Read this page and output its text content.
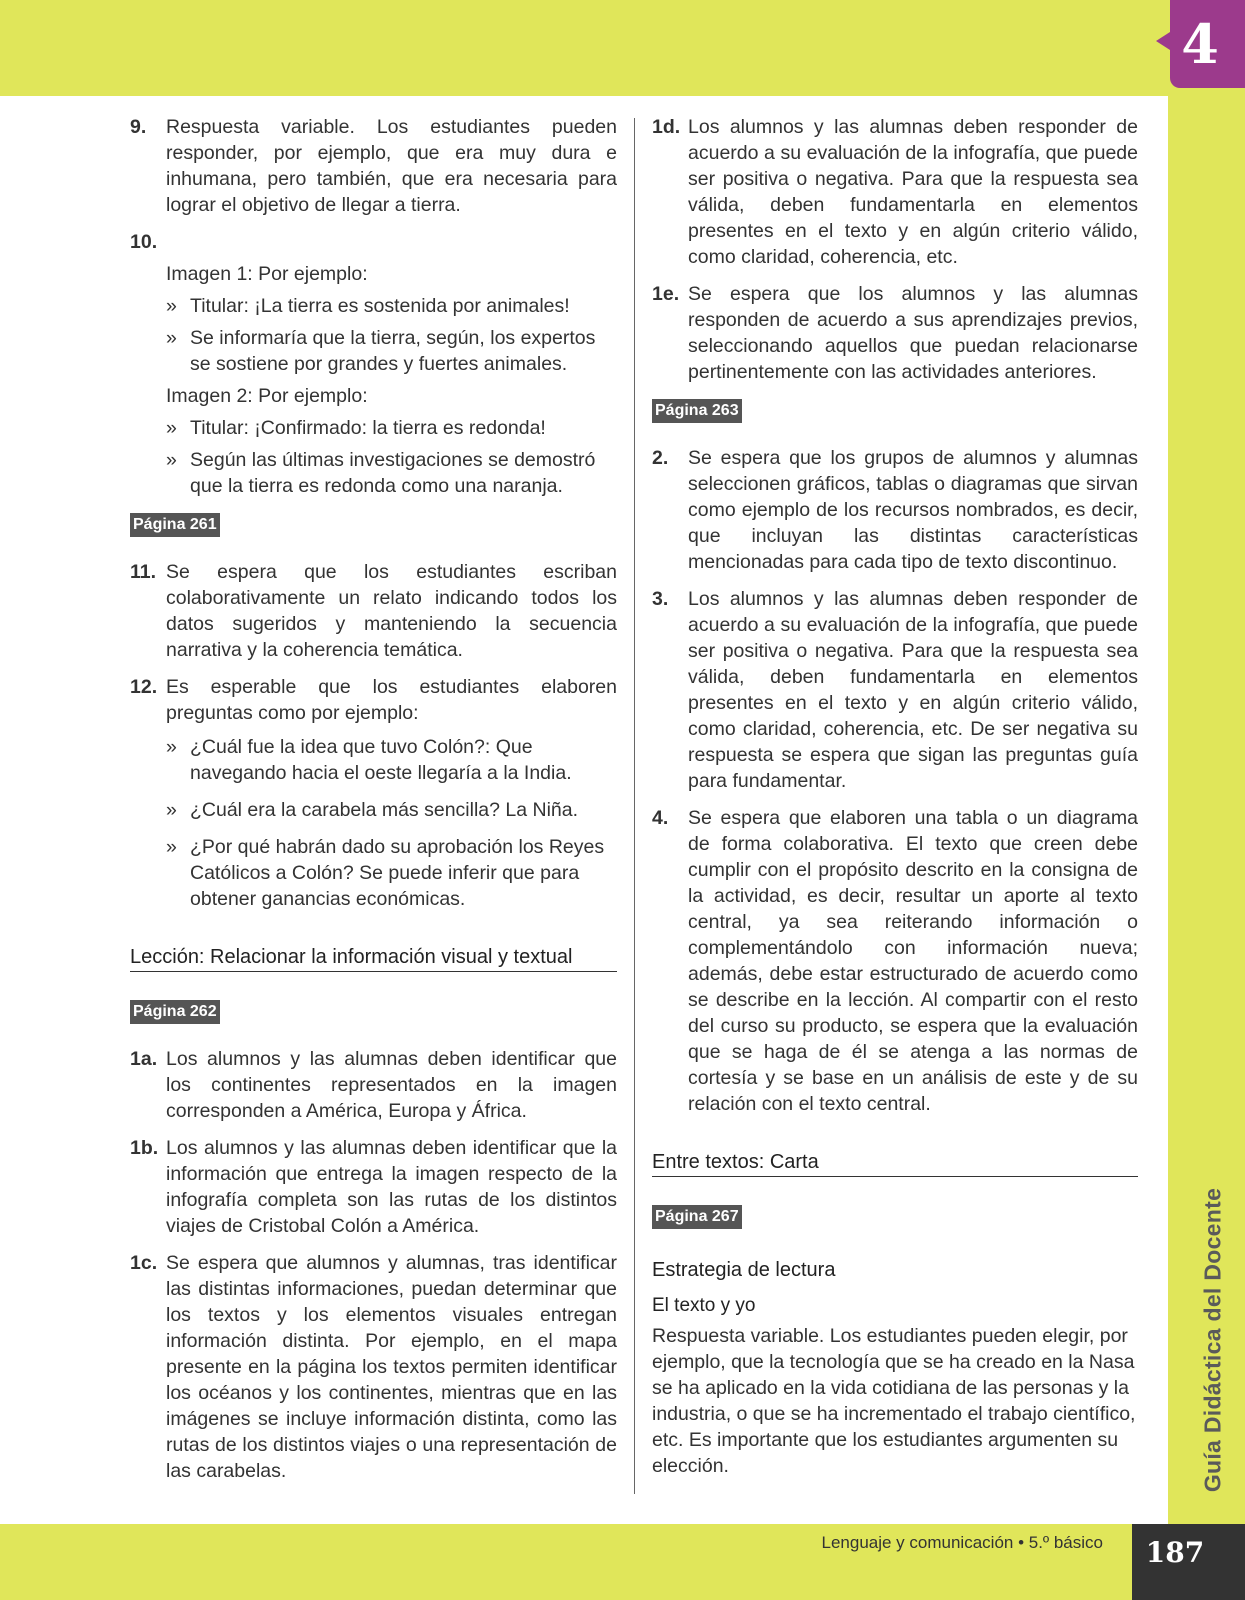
4
Guía Didáctica del Docente
9. Respuesta variable. Los estudiantes pueden responder, por ejemplo, que era muy dura e inhumana, pero también, que era necesaria para lograr el objetivo de llegar a tierra.
10.

Imagen 1: Por ejemplo:
» Titular: ¡La tierra es sostenida por animales!
» Se informaría que la tierra, según, los expertos se sostiene por grandes y fuertes animales.
Imagen 2: Por ejemplo:
» Titular: ¡Confirmado: la tierra es redonda!
» Según las últimas investigaciones se demostró que la tierra es redonda como una naranja.
Página 261
11. Se espera que los estudiantes escriban colaborativamente un relato indicando todos los datos sugeridos y manteniendo la secuencia narrativa y la coherencia temática.
12. Es esperable que los estudiantes elaboren preguntas como por ejemplo:
» ¿Cuál fue la idea que tuvo Colón?: Que navegando hacia el oeste llegaría a la India.
» ¿Cuál era la carabela más sencilla? La Niña.
» ¿Por qué habrán dado su aprobación los Reyes Católicos a Colón? Se puede inferir que para obtener ganancias económicas.
Lección: Relacionar la información visual y textual
Página 262
1a. Los alumnos y las alumnas deben identificar que los continentes representados en la imagen corresponden a América, Europa y África.
1b. Los alumnos y las alumnas deben identificar que la información que entrega la imagen respecto de la infografía completa son las rutas de los distintos viajes de Cristobal Colón a América.
1c. Se espera que alumnos y alumnas, tras identificar las distintas informaciones, puedan determinar que los textos y los elementos visuales entregan información distinta. Por ejemplo, en el mapa presente en la página los textos permiten identificar los océanos y los continentes, mientras que en las imágenes se incluye información distinta, como las rutas de los distintos viajes o una representación de las carabelas.
1d. Los alumnos y las alumnas deben responder de acuerdo a su evaluación de la infografía, que puede ser positiva o negativa. Para que la respuesta sea válida, deben fundamentarla en elementos presentes en el texto y en algún criterio válido, como claridad, coherencia, etc.
1e. Se espera que los alumnos y las alumnas responden de acuerdo a sus aprendizajes previos, seleccionando aquellos que puedan relacionarse pertinentemente con las actividades anteriores.
Página 263
2. Se espera que los grupos de alumnos y alumnas seleccionen gráficos, tablas o diagramas que sirvan como ejemplo de los recursos nombrados, es decir, que incluyan las distintas características mencionadas para cada tipo de texto discontinuo.
3. Los alumnos y las alumnas deben responder de acuerdo a su evaluación de la infografía, que puede ser positiva o negativa. Para que la respuesta sea válida, deben fundamentarla en elementos presentes en el texto y en algún criterio válido, como claridad, coherencia, etc. De ser negativa su respuesta se espera que sigan las preguntas guía para fundamentar.
4. Se espera que elaboren una tabla o un diagrama de forma colaborativa. El texto que creen debe cumplir con el propósito descrito en la consigna de la actividad, es decir, resultar un aporte al texto central, ya sea reiterando información o complementándolo con información nueva; además, debe estar estructurado de acuerdo como se describe en la lección. Al compartir con el resto del curso su producto, se espera que la evaluación que se haga de él se atenga a las normas de cortesía y se base en un análisis de este y de su relación con el texto central.
Entre textos: Carta
Página 267
Estrategia de lectura
El texto y yo
Respuesta variable. Los estudiantes pueden elegir, por ejemplo, que la tecnología que se ha creado en la Nasa se ha aplicado en la vida cotidiana de las personas y la industria, o que se ha incrementado el trabajo científico, etc. Es importante que los estudiantes argumenten su elección.
Lenguaje y comunicación • 5.º básico	187
